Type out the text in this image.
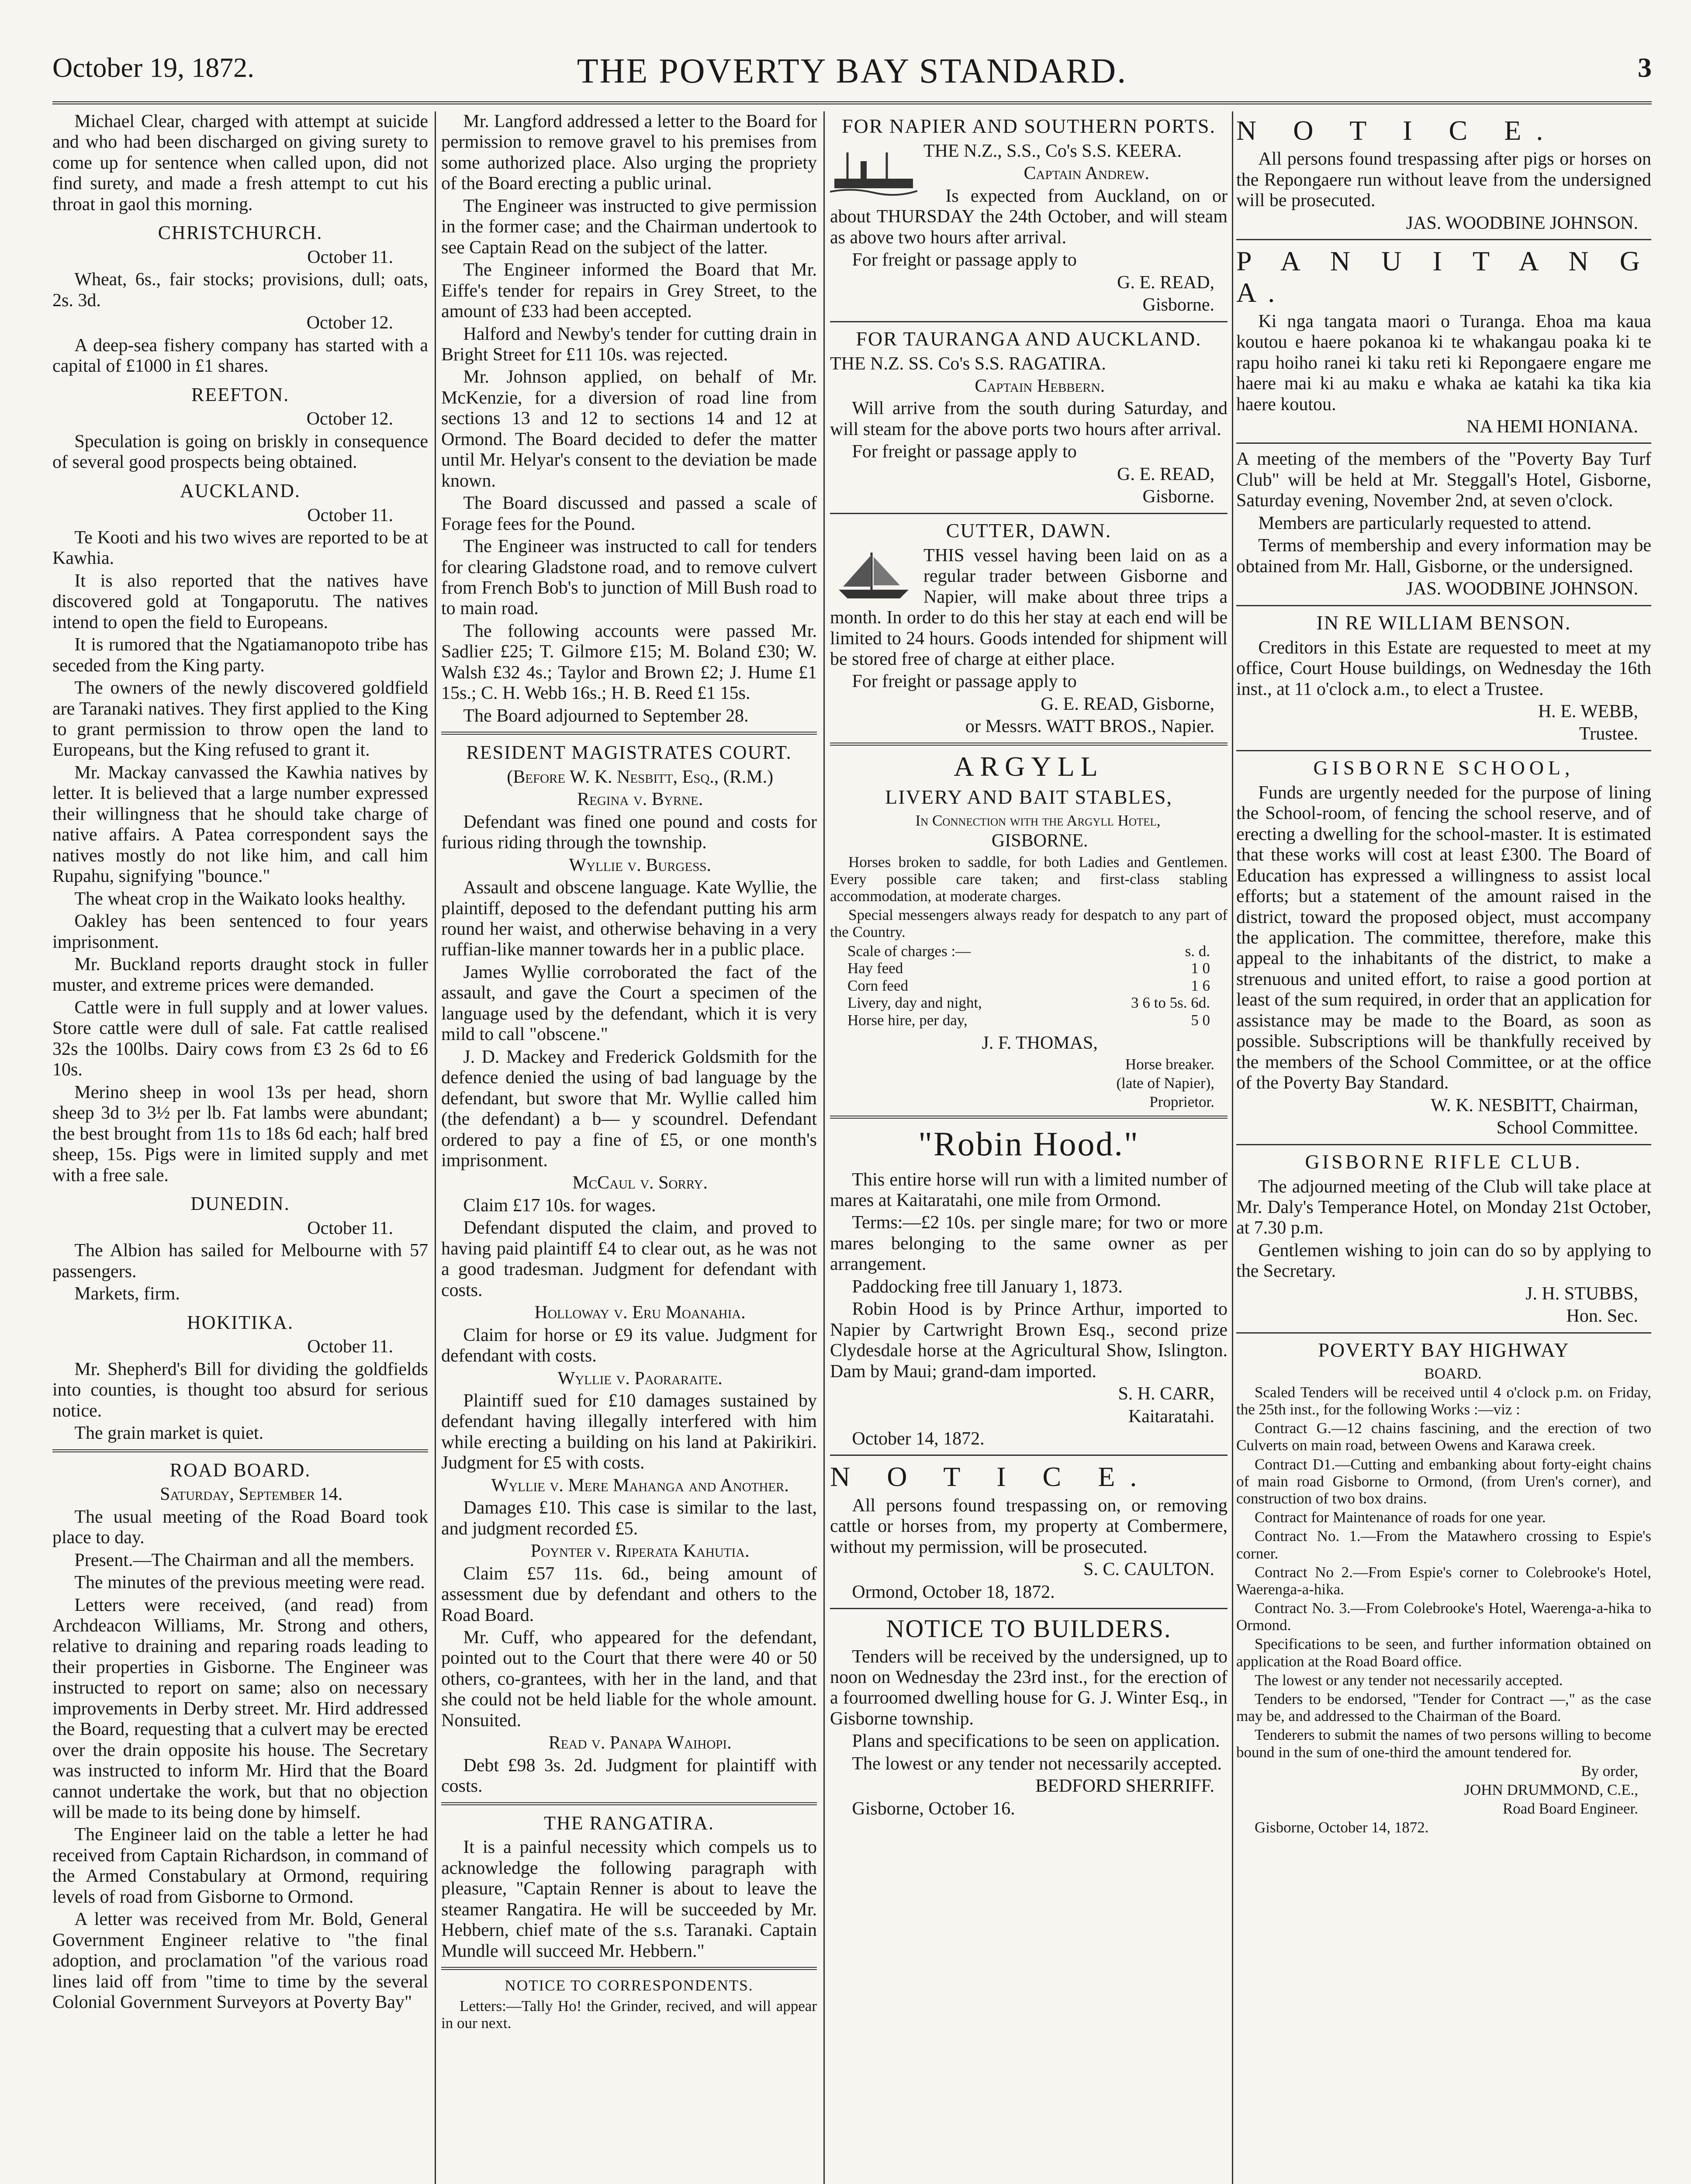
THE POVERTY BAY STANDARD.
October 19, 1872.	3

Michael Clear, charged with attempt at suicide and who had been discharged on giving surety to come up for sentence when called upon, did not find surety, and made a fresh attempt to cut his throat in gaol this morning.

CHRISTCHURCH.

October 11.

Wheat, 6s., fair stocks; provisions, dull; oats, 2s. 3d.

October 12.

A deep-sea fishery company has started with a capital of £1000 in £1 shares.

REEFTON.

October 12.

Speculation is going on briskly in consequence of several good prospects being obtained.

AUCKLAND.

October 11.

Te Kooti and his two wives are reported to be at Kawhia.

It is also reported that the natives have discovered gold at Tongaporutu. The natives intend to open the field to Europeans.

It is rumored that the Ngatiamanopoto tribe has seceded from the King party.

The owners of the newly discovered goldfield are Taranaki natives. They first applied to the King to grant permission to throw open the land to Europeans, but the King refused to grant it.

Mr. Mackay canvassed the Kawhia natives by letter. It is believed that a large number expressed their willingness that he should take charge of native affairs. A Patea correspondent says the natives mostly do not like him, and call him Rupahu, signifying "bounce."

The wheat crop in the Waikato looks healthy.

Oakley has been sentenced to four years imprisonment.

Mr. Buckland reports draught stock in fuller muster, and extreme prices were demanded.

Cattle were in full supply and at lower values. Store cattle were dull of sale. Fat cattle realised 32s the 100lbs. Dairy cows from £3 2s 6d to £6 10s.

Merino sheep in wool 13s per head, shorn sheep 3d to 3½ per lb. Fat lambs were abundant; the best brought from 11s to 18s 6d each; half bred sheep, 15s. Pigs were in limited supply and met with a free sale.

DUNEDIN.

October 11.

The Albion has sailed for Melbourne with 57 passengers.

Markets, firm.

HOKITIKA.

October 11.

Mr. Shepherd's Bill for dividing the goldfields into counties, is thought too absurd for serious notice.

The grain market is quiet.

ROAD BOARD.

Saturday, September 14.

The usual meeting of the Road Board took place to day.

Present.—The Chairman and all the members.

The minutes of the previous meeting were read.

Letters were received, (and read) from Archdeacon Williams, Mr. Strong and others, relative to draining and reparing roads leading to their properties in Gisborne. The Engineer was instructed to report on same; also on necessary improvements in Derby street. Mr. Hird addressed the Board, requesting that a culvert may be erected over the drain opposite his house. The Secretary was instructed to inform Mr. Hird that the Board cannot undertake the work, but that no objection will be made to its being done by himself.

The Engineer laid on the table a letter he had received from Captain Richardson, in command of the Armed Constabulary at Ormond, requiring levels of road from Gisborne to Ormond.

A letter was received from Mr. Bold, General Government Engineer relative to "the final adoption, and proclamation "of the various road lines laid off from "time to time by the several Colonial Government Surveyors at Poverty Bay"

Mr. Langford addressed a letter to the Board for permission to remove gravel to his premises from some authorized place. Also urging the propriety of the Board erecting a public urinal.

The Engineer was instructed to give permission in the former case; and the Chairman undertook to see Captain Read on the subject of the latter.

The Engineer informed the Board that Mr. Eiffe's tender for repairs in Grey Street, to the amount of £33 had been accepted.

Halford and Newby's tender for cutting drain in Bright Street for £11 10s. was rejected.

Mr. Johnson applied, on behalf of Mr. McKenzie, for a diversion of road line from sections 13 and 12 to sections 14 and 12 at Ormond. The Board decided to defer the matter until Mr. Helyar's consent to the deviation be made known.

The Board discussed and passed a scale of Forage fees for the Pound.

The Engineer was instructed to call for tenders for clearing Gladstone road, and to remove culvert from French Bob's to junction of Mill Bush road to to main road.

The following accounts were passed Mr. Sadlier £25; T. Gilmore £15; M. Boland £30; W. Walsh £32 4s.; Taylor and Brown £2; J. Hume £1 15s.; C. H. Webb 16s.; H. B. Reed £1 15s.

The Board adjourned to September 28.

RESIDENT MAGISTRATES COURT.

(Before W. K. Nesbitt, Esq., (R.M.)

Regina v. Byrne.

Defendant was fined one pound and costs for furious riding through the township.

Wyllie v. Burgess.

Assault and obscene language. Kate Wyllie, the plaintiff, deposed to the defendant putting his arm round her waist, and otherwise behaving in a very ruffian-like manner towards her in a public place.

James Wyllie corroborated the fact of the assault, and gave the Court a specimen of the language used by the defendant, which it is very mild to call "obscene."

J. D. Mackey and Frederick Goldsmith for the defence denied the using of bad language by the defendant, but swore that Mr. Wyllie called him (the defendant) a b— y scoundrel. Defendant ordered to pay a fine of £5, or one month's imprisonment.

McCaul v. Sorry.

Claim £17 10s. for wages.

Defendant disputed the claim, and proved to having paid plaintiff £4 to clear out, as he was not a good tradesman. Judgment for defendant with costs.

Holloway v. Eru Moanahia.

Claim for horse or £9 its value. Judgment for defendant with costs.

Wyllie v. Paoraraite.

Plaintiff sued for £10 damages sustained by defendant having illegally interfered with him while erecting a building on his land at Pakirikiri. Judgment for £5 with costs.

Wyllie v. Mere Mahanga and Another.

Damages £10. This case is similar to the last, and judgment recorded £5.

Poynter v. Riperata Kahutia.

Claim £57 11s. 6d., being amount of assessment due by defendant and others to the Road Board.

Mr. Cuff, who appeared for the defendant, pointed out to the Court that there were 40 or 50 others, co-grantees, with her in the land, and that she could not be held liable for the whole amount. Nonsuited.

Read v. Panapa Waihopi.

Debt £98 3s. 2d. Judgment for plaintiff with costs.

THE RANGATIRA.

It is a painful necessity which compels us to acknowledge the following paragraph with pleasure, "Captain Renner is about to leave the steamer Rangatira. He will be succeeded by Mr. Hebbern, chief mate of the s.s. Taranaki. Captain Mundle will succeed Mr. Hebbern."

NOTICE TO CORRESPONDENTS.

Letters:—Tally Ho! the Grinder, recived, and will appear in our next.

FOR NAPIER AND SOUTHERN PORTS.

THE N.Z., S.S., Co's S.S. KEERA.

Captain Andrew.

Is expected from Auckland, on or about THURSDAY the 24th October, and will steam as above two hours after arrival.

For freight or passage apply to

G. E. READ,

Gisborne.

FOR TAURANGA AND AUCKLAND.

THE N.Z. SS. Co's S.S. RAGATIRA.

Captain Hebbern.

Will arrive from the south during Saturday, and will steam for the above ports two hours after arrival.

For freight or passage apply to

G. E. READ,

Gisborne.

CUTTER, DAWN.

THIS vessel having been laid on as a regular trader between Gisborne and Napier, will make about three trips a month. In order to do this her stay at each end will be limited to 24 hours. Goods intended for shipment will be stored free of charge at either place.

For freight or passage apply to

G. E. READ, Gisborne,

or Messrs. WATT BROS., Napier.

ARGYLL
LIVERY AND BAIT STABLES,

In Connection with the Argyll Hotel,

GISBORNE.

Horses broken to saddle, for both Ladies and Gentlemen. Every possible care taken; and first-class stabling accommodation, at moderate charges.

Special messengers always ready for despatch to any part of the Country.

Scale of charges :—	s. d.
Hay feed	1 0
Corn feed	1 6
Livery, day and night,	3 6 to 5s. 6d.
Horse hire, per day,	5 0

J. F. THOMAS,

Horse breaker.

(late of Napier),

Proprietor.

"Robin Hood."

This entire horse will run with a limited number of mares at Kaitaratahi, one mile from Ormond.

Terms:—£2 10s. per single mare; for two or more mares belonging to the same owner as per arrangement.

Paddocking free till January 1, 1873.

Robin Hood is by Prince Arthur, imported to Napier by Cartwright Brown Esq., second prize Clydesdale horse at the Agricultural Show, Islington. Dam by Maui; grand-dam imported.

S. H. CARR,

Kaitaratahi.

October 14, 1872.

N O T I C E.

All persons found trespassing on, or removing cattle or horses from, my property at Combermere, without my permission, will be prosecuted.

S. C. CAULTON.

Ormond, October 18, 1872.

NOTICE TO BUILDERS.

Tenders will be received by the undersigned, up to noon on Wednesday the 23rd inst., for the erection of a fourroomed dwelling house for G. J. Winter Esq., in Gisborne township.

Plans and specifications to be seen on application.

The lowest or any tender not necessarily accepted.

BEDFORD SHERRIFF.

Gisborne, October 16.

N O T I C E.

All persons found trespassing after pigs or horses on the Repongaere run without leave from the undersigned will be prosecuted.

JAS. WOODBINE JOHNSON.

P A N U I T A N G A.

Ki nga tangata maori o Turanga. Ehoa ma kaua koutou e haere pokanoa ki te whakangau poaka ki te rapu hoiho ranei ki taku reti ki Repongaere engare me haere mai ki au maku e whaka ae katahi ka tika kia haere koutou.

NA HEMI HONIANA.

A meeting of the members of the "Poverty Bay Turf Club" will be held at Mr. Steggall's Hotel, Gisborne, Saturday evening, November 2nd, at seven o'clock.

Members are particularly requested to attend.

Terms of membership and every information may be obtained from Mr. Hall, Gisborne, or the undersigned.

JAS. WOODBINE JOHNSON.

IN RE WILLIAM BENSON.

Creditors in this Estate are requested to meet at my office, Court House buildings, on Wednesday the 16th inst., at 11 o'clock a.m., to elect a Trustee.

H. E. WEBB,

Trustee.

GISBORNE SCHOOL,

Funds are urgently needed for the purpose of lining the School-room, of fencing the school reserve, and of erecting a dwelling for the school-master. It is estimated that these works will cost at least £300. The Board of Education has expressed a willingness to assist local efforts; but a statement of the amount raised in the district, toward the proposed object, must accompany the application. The committee, therefore, make this appeal to the inhabitants of the district, to make a strenuous and united effort, to raise a good portion at least of the sum required, in order that an application for assistance may be made to the Board, as soon as possible. Subscriptions will be thankfully received by the members of the School Committee, or at the office of the Poverty Bay Standard.

W. K. NESBITT, Chairman,

School Committee.

GISBORNE RIFLE CLUB.

The adjourned meeting of the Club will take place at Mr. Daly's Temperance Hotel, on Monday 21st October, at 7.30 p.m.

Gentlemen wishing to join can do so by applying to the Secretary.

J. H. STUBBS,

Hon. Sec.

POVERTY BAY HIGHWAY

BOARD.

Scaled Tenders will be received until 4 o'clock p.m. on Friday, the 25th inst., for the following Works :—viz :

Contract G.—12 chains fascining, and the erection of two Culverts on main road, between Owens and Karawa creek.

Contract D1.—Cutting and embanking about forty-eight chains of main road Gisborne to Ormond, (from Uren's corner), and construction of two box drains.

Contract for Maintenance of roads for one year.

Contract No. 1.—From the Matawhero crossing to Espie's corner.

Contract No 2.—From Espie's corner to Colebrooke's Hotel, Waerenga-a-hika.

Contract No. 3.—From Colebrooke's Hotel, Waerenga-a-hika to Ormond.

Specifications to be seen, and further information obtained on application at the Road Board office.

The lowest or any tender not necessarily accepted.

Tenders to be endorsed, "Tender for Contract —," as the case may be, and addressed to the Chairman of the Board.

Tenderers to submit the names of two persons willing to become bound in the sum of one-third the amount tendered for.

By order,

JOHN DRUMMOND, C.E.,

Road Board Engineer.

Gisborne, October 14, 1872.
